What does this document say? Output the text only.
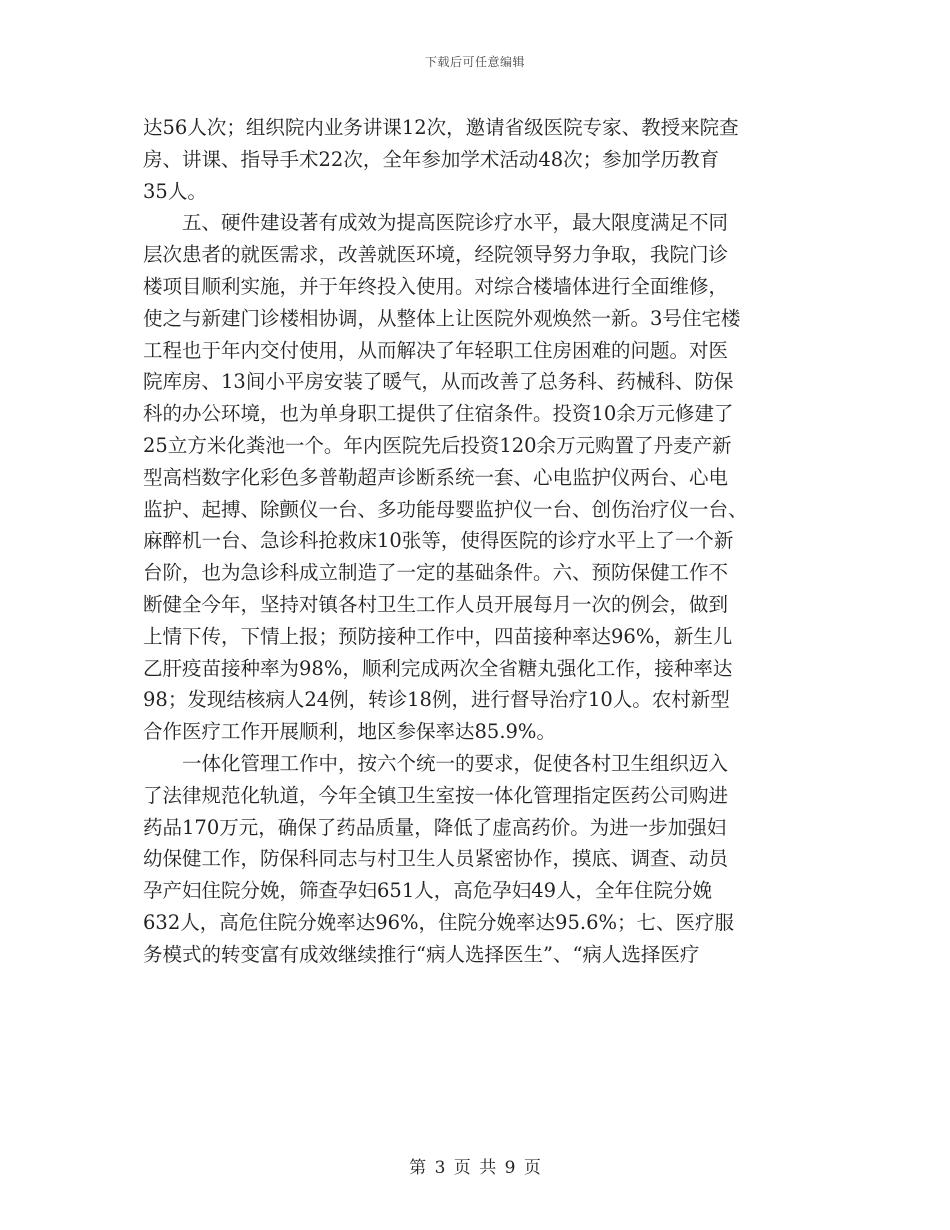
下载后可任意编辑

达56人次；组织院内业务讲课12次，邀请省级医院专家、教授来院查
房、讲课、指导手术22次，全年参加学术活动48次；参加学历教育
35人。

五、硬件建设著有成效为提高医院诊疗水平，最大限度满足不同
层次患者的就医需求，改善就医环境，经院领导努力争取，我院门诊
楼项目顺利实施，并于年终投入使用。对综合楼墙体进行全面维修，
使之与新建门诊楼相协调，从整体上让医院外观焕然一新。3号住宅楼
工程也于年内交付使用，从而解决了年轻职工住房困难的问题。对医
院库房、13间小平房安装了暖气，从而改善了总务科、药械科、防保
科的办公环境，也为单身职工提供了住宿条件。投资10余万元修建了
25立方米化粪池一个。年内医院先后投资120余万元购置了丹麦产新
型高档数字化彩色多普勒超声诊断系统一套、心电监护仪两台、心电
监护、起搏、除颤仪一台、多功能母婴监护仪一台、创伤治疗仪一台、
麻醉机一台、急诊科抢救床10张等，使得医院的诊疗水平上了一个新
台阶，也为急诊科成立制造了一定的基础条件。六、预防保健工作不
断健全今年，坚持对镇各村卫生工作人员开展每月一次的例会，做到
上情下传，下情上报；预防接种工作中，四苗接种率达96%，新生儿
乙肝疫苗接种率为98%，顺利完成两次全省糖丸强化工作，接种率达
98；发现结核病人24例，转诊18例，进行督导治疗10人。农村新型
合作医疗工作开展顺利，地区参保率达85.9%。

一体化管理工作中，按六个统一的要求，促使各村卫生组织迈入
了法律规范化轨道，今年全镇卫生室按一体化管理指定医药公司购进
药品170万元，确保了药品质量，降低了虚高药价。为进一步加强妇
幼保健工作，防保科同志与村卫生人员紧密协作，摸底、调查、动员
孕产妇住院分娩，筛查孕妇651人，高危孕妇49人，全年住院分娩
632人，高危住院分娩率达96%，住院分娩率达95.6%；七、医疗服
务模式的转变富有成效继续推行“病人选择医生”、“病人选择医疗

第 3 页 共 9 页
